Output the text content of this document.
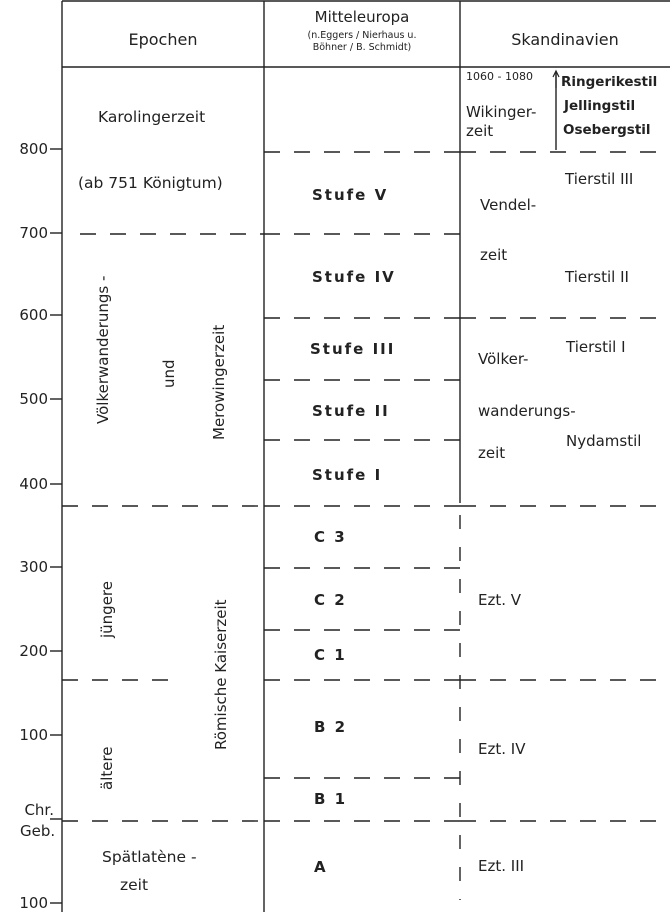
Epochen
Mitteleuropa
(n.Eggers / Nierhaus u.
Böhner / B. Schmidt)	Skandinavien
800
700
600
500
400
300
200
100
Chr.
Geb.
100
Karolingerzeit
(ab 751 Königtum)
Völkerwanderungs -	und Merowingerzeit
jüngere
ältere
Römische Kaiserzeit
Spätlatène -
zeit
Stufe V
Stufe IV
Stufe III
Stufe II
Stufe I
C 3
C 2
C 1
B 2
B 1
A
1060 - 1080
Wikinger-
zeit
Ringerikestil
Jellingstil
Osebergstil
Vendel-
zeit
Tierstil III
Tierstil II
Tierstil I
Völker-
wanderungs-
zeit
Nydamstil
Ezt. V
Ezt. IV
Ezt. III
